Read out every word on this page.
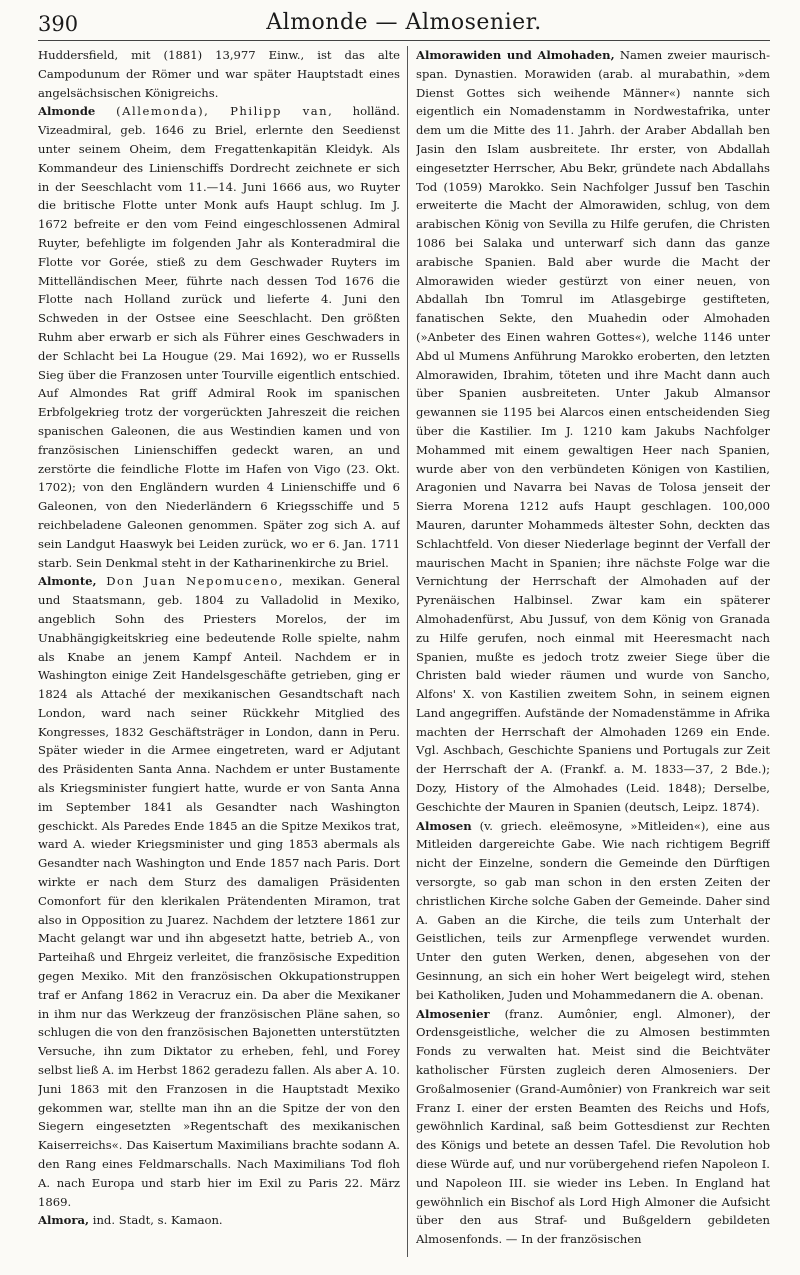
390	Almonde — Almosenier.

Huddersfield, mit (1881) 13,977 Einw., ist das alte Campodunum der Römer und war später Hauptstadt eines angelsächsischen Königreichs.

Almonde (Allemonda), Philipp van, holländ. Vizeadmiral, geb. 1646 zu Briel, erlernte den Seedienst unter seinem Oheim, dem Fregattenkapitän Kleidyk. Als Kommandeur des Linienschiffs Dordrecht zeichnete er sich in der Seeschlacht vom 11.—14. Juni 1666 aus, wo Ruyter die britische Flotte unter Monk aufs Haupt schlug. Im J. 1672 befreite er den vom Feind eingeschlossenen Admiral Ruyter, befehligte im folgenden Jahr als Konteradmiral die Flotte vor Gorée, stieß zu dem Geschwader Ruyters im Mittelländischen Meer, führte nach dessen Tod 1676 die Flotte nach Holland zurück und lieferte 4. Juni den Schweden in der Ostsee eine Seeschlacht. Den größten Ruhm aber erwarb er sich als Führer eines Geschwaders in der Schlacht bei La Hougue (29. Mai 1692), wo er Russells Sieg über die Franzosen unter Tourville eigentlich entschied. Auf Almondes Rat griff Admiral Rook im spanischen Erbfolgekrieg trotz der vorgerückten Jahreszeit die reichen spanischen Galeonen, die aus Westindien kamen und von französischen Linienschiffen gedeckt waren, an und zerstörte die feindliche Flotte im Hafen von Vigo (23. Okt. 1702); von den Engländern wurden 4 Linienschiffe und 6 Galeonen, von den Niederländern 6 Kriegsschiffe und 5 reichbeladene Galeonen genommen. Später zog sich A. auf sein Landgut Haaswyk bei Leiden zurück, wo er 6. Jan. 1711 starb. Sein Denkmal steht in der Katharinenkirche zu Briel.

Almonte, Don Juan Nepomuceno, mexikan. General und Staatsmann, geb. 1804 zu Valladolid in Mexiko, angeblich Sohn des Priesters Morelos, der im Unabhängigkeitskrieg eine bedeutende Rolle spielte, nahm als Knabe an jenem Kampf Anteil. Nachdem er in Washington einige Zeit Handelsgeschäfte getrieben, ging er 1824 als Attaché der mexikanischen Gesandtschaft nach London, ward nach seiner Rückkehr Mitglied des Kongresses, 1832 Geschäftsträger in London, dann in Peru. Später wieder in die Armee eingetreten, ward er Adjutant des Präsidenten Santa Anna. Nachdem er unter Bustamente als Kriegsminister fungiert hatte, wurde er von Santa Anna im September 1841 als Gesandter nach Washington geschickt. Als Paredes Ende 1845 an die Spitze Mexikos trat, ward A. wieder Kriegsminister und ging 1853 abermals als Gesandter nach Washington und Ende 1857 nach Paris. Dort wirkte er nach dem Sturz des damaligen Präsidenten Comonfort für den klerikalen Prätendenten Miramon, trat also in Opposition zu Juarez. Nachdem der letztere 1861 zur Macht gelangt war und ihn abgesetzt hatte, betrieb A., von Parteihaß und Ehrgeiz verleitet, die französische Expedition gegen Mexiko. Mit den französischen Okkupationstruppen traf er Anfang 1862 in Veracruz ein. Da aber die Mexikaner in ihm nur das Werkzeug der französischen Pläne sahen, so schlugen die von den französischen Bajonetten unterstützten Versuche, ihn zum Diktator zu erheben, fehl, und Forey selbst ließ A. im Herbst 1862 geradezu fallen. Als aber A. 10. Juni 1863 mit den Franzosen in die Hauptstadt Mexiko gekommen war, stellte man ihn an die Spitze der von den Siegern eingesetzten »Regentschaft des mexikanischen Kaiserreichs«. Das Kaisertum Maximilians brachte sodann A. den Rang eines Feldmarschalls. Nach Maximilians Tod floh A. nach Europa und starb hier im Exil zu Paris 22. März 1869.

Almora, ind. Stadt, s. Kamaon.

Almorawiden und Almohaden, Namen zweier maurisch-span. Dynastien. Morawiden (arab. al murabathin, »dem Dienst Gottes sich weihende Männer«) nannte sich eigentlich ein Nomadenstamm in Nordwestafrika, unter dem um die Mitte des 11. Jahrh. der Araber Abdallah ben Jasin den Islam ausbreitete. Ihr erster, von Abdallah eingesetzter Herrscher, Abu Bekr, gründete nach Abdallahs Tod (1059) Marokko. Sein Nachfolger Jussuf ben Taschin erweiterte die Macht der Almorawiden, schlug, von dem arabischen König von Sevilla zu Hilfe gerufen, die Christen 1086 bei Salaka und unterwarf sich dann das ganze arabische Spanien. Bald aber wurde die Macht der Almorawiden wieder gestürzt von einer neuen, von Abdallah Ibn Tomrul im Atlasgebirge gestifteten, fanatischen Sekte, den Muahedin oder Almohaden (»Anbeter des Einen wahren Gottes«), welche 1146 unter Abd ul Mumens Anführung Marokko eroberten, den letzten Almorawiden, Ibrahim, töteten und ihre Macht dann auch über Spanien ausbreiteten. Unter Jakub Almansor gewannen sie 1195 bei Alarcos einen entscheidenden Sieg über die Kastilier. Im J. 1210 kam Jakubs Nachfolger Mohammed mit einem gewaltigen Heer nach Spanien, wurde aber von den verbündeten Königen von Kastilien, Aragonien und Navarra bei Navas de Tolosa jenseit der Sierra Morena 1212 aufs Haupt geschlagen. 100,000 Mauren, darunter Mohammeds ältester Sohn, deckten das Schlachtfeld. Von dieser Niederlage beginnt der Verfall der maurischen Macht in Spanien; ihre nächste Folge war die Vernichtung der Herrschaft der Almohaden auf der Pyrenäischen Halbinsel. Zwar kam ein späterer Almohadenfürst, Abu Jussuf, von dem König von Granada zu Hilfe gerufen, noch einmal mit Heeresmacht nach Spanien, mußte es jedoch trotz zweier Siege über die Christen bald wieder räumen und wurde von Sancho, Alfons' X. von Kastilien zweitem Sohn, in seinem eignen Land angegriffen. Aufstände der Nomadenstämme in Afrika machten der Herrschaft der Almohaden 1269 ein Ende. Vgl. Aschbach, Geschichte Spaniens und Portugals zur Zeit der Herrschaft der A. (Frankf. a. M. 1833—37, 2 Bde.); Dozy, History of the Almohades (Leid. 1848); Derselbe, Geschichte der Mauren in Spanien (deutsch, Leipz. 1874).

Almosen (v. griech. eleëmosyne, »Mitleiden«), eine aus Mitleiden dargereichte Gabe. Wie nach richtigem Begriff nicht der Einzelne, sondern die Gemeinde den Dürftigen versorgte, so gab man schon in den ersten Zeiten der christlichen Kirche solche Gaben der Gemeinde. Daher sind A. Gaben an die Kirche, die teils zum Unterhalt der Geistlichen, teils zur Armenpflege verwendet wurden. Unter den guten Werken, denen, abgesehen von der Gesinnung, an sich ein hoher Wert beigelegt wird, stehen bei Katholiken, Juden und Mohammedanern die A. obenan.

Almosenier (franz. Aumônier, engl. Almoner), der Ordensgeistliche, welcher die zu Almosen bestimmten Fonds zu verwalten hat. Meist sind die Beichtväter katholischer Fürsten zugleich deren Almoseniers. Der Großalmosenier (Grand-Aumônier) von Frankreich war seit Franz I. einer der ersten Beamten des Reichs und Hofs, gewöhnlich Kardinal, saß beim Gottesdienst zur Rechten des Königs und betete an dessen Tafel. Die Revolution hob diese Würde auf, und nur vorübergehend riefen Napoleon I. und Napoleon III. sie wieder ins Leben. In England hat gewöhnlich ein Bischof als Lord High Almoner die Aufsicht über den aus Straf- und Bußgeldern gebildeten Almosenfonds. — In der französischen
